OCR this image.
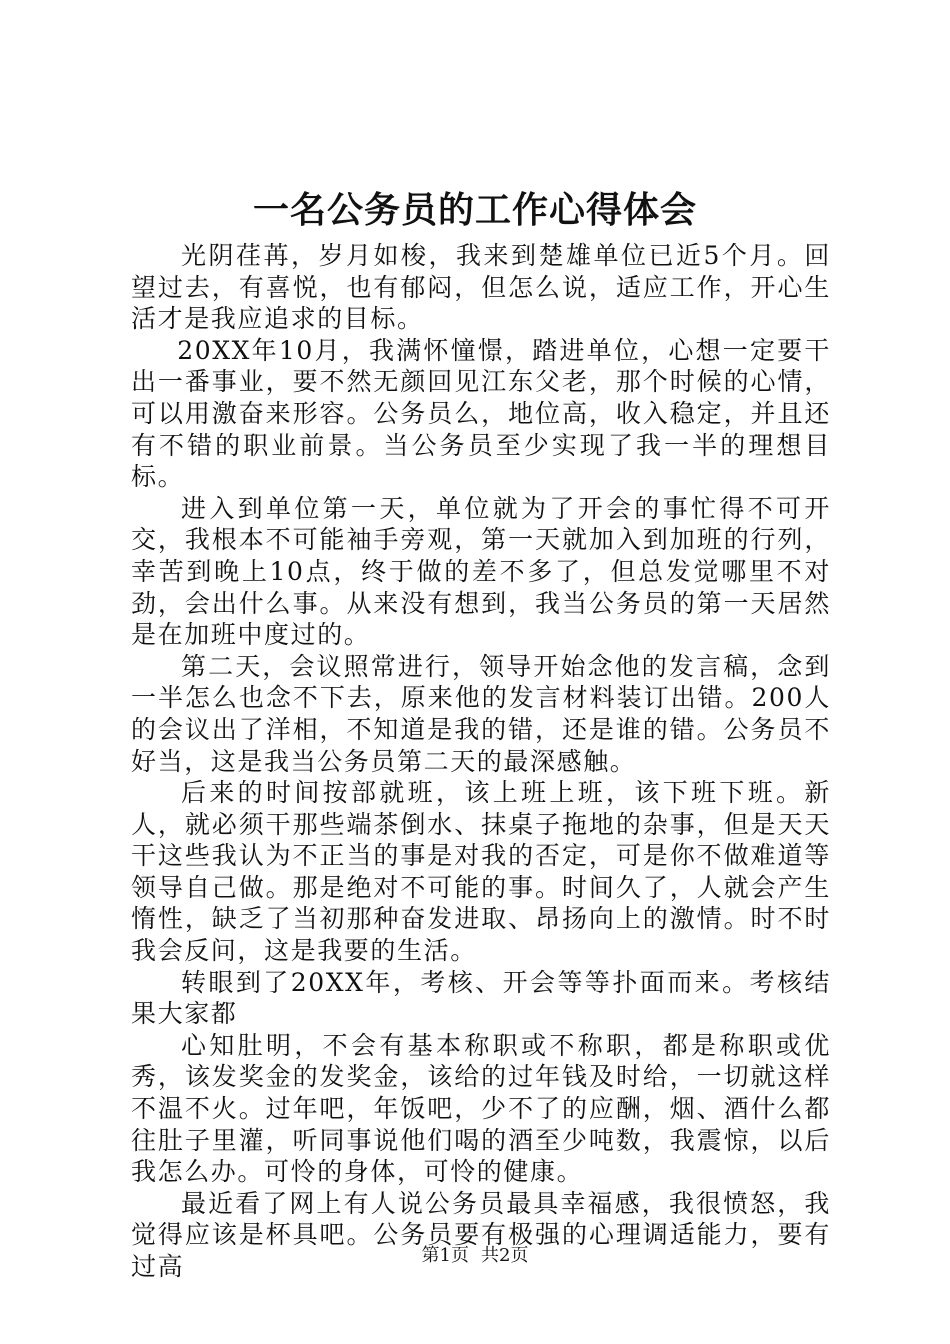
一名公务员的工作心得体会

光阴荏苒，岁月如梭，我来到楚雄单位已近5个月。回望过去，有喜悦，也有郁闷，但怎么说，适应工作，开心生活才是我应追求的目标。

20XX年10月，我满怀憧憬，踏进单位，心想一定要干出一番事业，要不然无颜回见江东父老，那个时候的心情，可以用激奋来形容。公务员么，地位高，收入稳定，并且还有不错的职业前景。当公务员至少实现了我一半的理想目标。

进入到单位第一天，单位就为了开会的事忙得不可开交，我根本不可能袖手旁观，第一天就加入到加班的行列，幸苦到晚上10点，终于做的差不多了，但总发觉哪里不对劲，会出什么事。从来没有想到，我当公务员的第一天居然是在加班中度过的。

第二天，会议照常进行，领导开始念他的发言稿，念到一半怎么也念不下去，原来他的发言材料装订出错。200人的会议出了洋相，不知道是我的错，还是谁的错。公务员不好当，这是我当公务员第二天的最深感触。

后来的时间按部就班，该上班上班，该下班下班。新人，就必须干那些端茶倒水、抹桌子拖地的杂事，但是天天干这些我认为不正当的事是对我的否定，可是你不做难道等领导自己做。那是绝对不可能的事。时间久了，人就会产生惰性，缺乏了当初那种奋发进取、昂扬向上的激情。时不时我会反问，这是我要的生活。

转眼到了20XX年，考核、开会等等扑面而来。考核结果大家都

心知肚明，不会有基本称职或不称职，都是称职或优秀，该发奖金的发奖金，该给的过年钱及时给，一切就这样不温不火。过年吧，年饭吧，少不了的应酬，烟、酒什么都往肚子里灌，听同事说他们喝的酒至少吨数，我震惊，以后我怎么办。可怜的身体，可怜的健康。

最近看了网上有人说公务员最具幸福感，我很愤怒，我觉得应该是杯具吧。公务员要有极强的心理调适能力，要有过高	第1页 共2页
